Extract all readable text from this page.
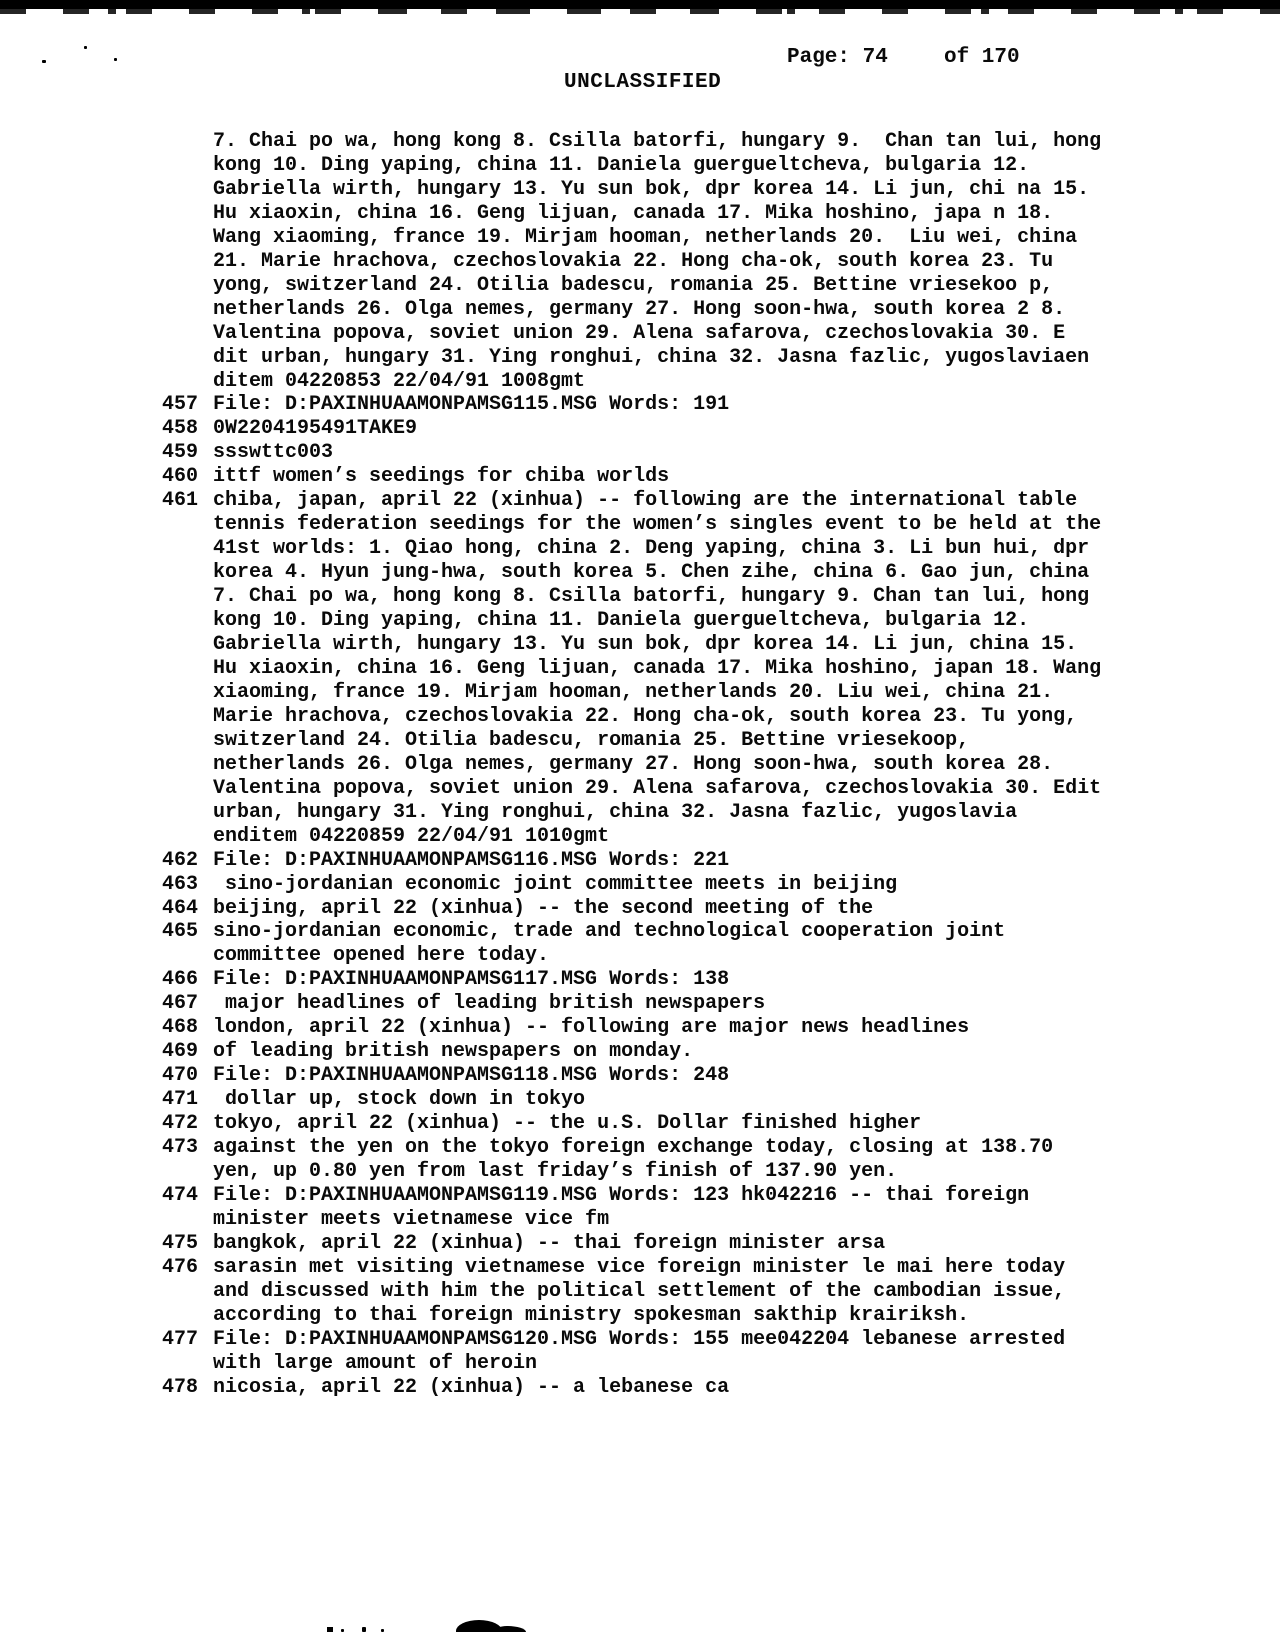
Page: 74	of 170
UNCLASSIFIED
7. Chai po wa, hong kong 8. Csilla batorfi, hungary 9.  Chan tan lui, hong
kong 10. Ding yaping, china 11. Daniela guergueltcheva, bulgaria 12.
Gabriella wirth, hungary 13. Yu sun bok, dpr korea 14. Li jun, chi na 15.
Hu xiaoxin, china 16. Geng lijuan, canada 17. Mika hoshino, japa n 18.
Wang xiaoming, france 19. Mirjam hooman, netherlands 20.  Liu wei, china
21. Marie hrachova, czechoslovakia 22. Hong cha-ok, south korea 23. Tu
yong, switzerland 24. Otilia badescu, romania 25. Bettine vriesekoo p,
netherlands 26. Olga nemes, germany 27. Hong soon-hwa, south korea 2 8.
Valentina popova, soviet union 29. Alena safarova, czechoslovakia 30. E
dit urban, hungary 31. Ying ronghui, china 32. Jasna fazlic, yugoslaviaen
ditem 04220853 22/04/91 1008gmt
457 File: D:PAXINHUAAMONPAMSG115.MSG Words: 191
458 0W2204195491TAKE9
459 ssswttc003
460 ittf women’s seedings for chiba worlds
461 chiba, japan, april 22 (xinhua) -- following are the international table
tennis federation seedings for the women’s singles event to be held at the
41st worlds: 1. Qiao hong, china 2. Deng yaping, china 3. Li bun hui, dpr
korea 4. Hyun jung-hwa, south korea 5. Chen zihe, china 6. Gao jun, china
7. Chai po wa, hong kong 8. Csilla batorfi, hungary 9. Chan tan lui, hong
kong 10. Ding yaping, china 11. Daniela guergueltcheva, bulgaria 12.
Gabriella wirth, hungary 13. Yu sun bok, dpr korea 14. Li jun, china 15.
Hu xiaoxin, china 16. Geng lijuan, canada 17. Mika hoshino, japan 18. Wang
xiaoming, france 19. Mirjam hooman, netherlands 20. Liu wei, china 21.
Marie hrachova, czechoslovakia 22. Hong cha-ok, south korea 23. Tu yong,
switzerland 24. Otilia badescu, romania 25. Bettine vriesekoop,
netherlands 26. Olga nemes, germany 27. Hong soon-hwa, south korea 28.
Valentina popova, soviet union 29. Alena safarova, czechoslovakia 30. Edit
urban, hungary 31. Ying ronghui, china 32. Jasna fazlic, yugoslavia
enditem 04220859 22/04/91 1010gmt
462 File: D:PAXINHUAAMONPAMSG116.MSG Words: 221
463 sino-jordanian economic joint committee meets in beijing
464 beijing, april 22 (xinhua) -- the second meeting of the
465 sino-jordanian economic, trade and technological cooperation joint
committee opened here today.
466 File: D:PAXINHUAAMONPAMSG117.MSG Words: 138
467 major headlines of leading british newspapers
468 london, april 22 (xinhua) -- following are major news headlines
469 of leading british newspapers on monday.
470 File: D:PAXINHUAAMONPAMSG118.MSG Words: 248
471 dollar up, stock down in tokyo
472 tokyo, april 22 (xinhua) -- the u.S. Dollar finished higher
473 against the yen on the tokyo foreign exchange today, closing at 138.70
yen, up 0.80 yen from last friday’s finish of 137.90 yen.
474 File: D:PAXINHUAAMONPAMSG119.MSG Words: 123 hk042216 -- thai foreign
minister meets vietnamese vice fm
475 bangkok, april 22 (xinhua) -- thai foreign minister arsa
476 sarasin met visiting vietnamese vice foreign minister le mai here today
and discussed with him the political settlement of the cambodian issue,
according to thai foreign ministry spokesman sakthip krairiksh.
477 File: D:PAXINHUAAMONPAMSG120.MSG Words: 155 mee042204 lebanese arrested
with large amount of heroin
478 nicosia, april 22 (xinhua) -- a lebanese ca
